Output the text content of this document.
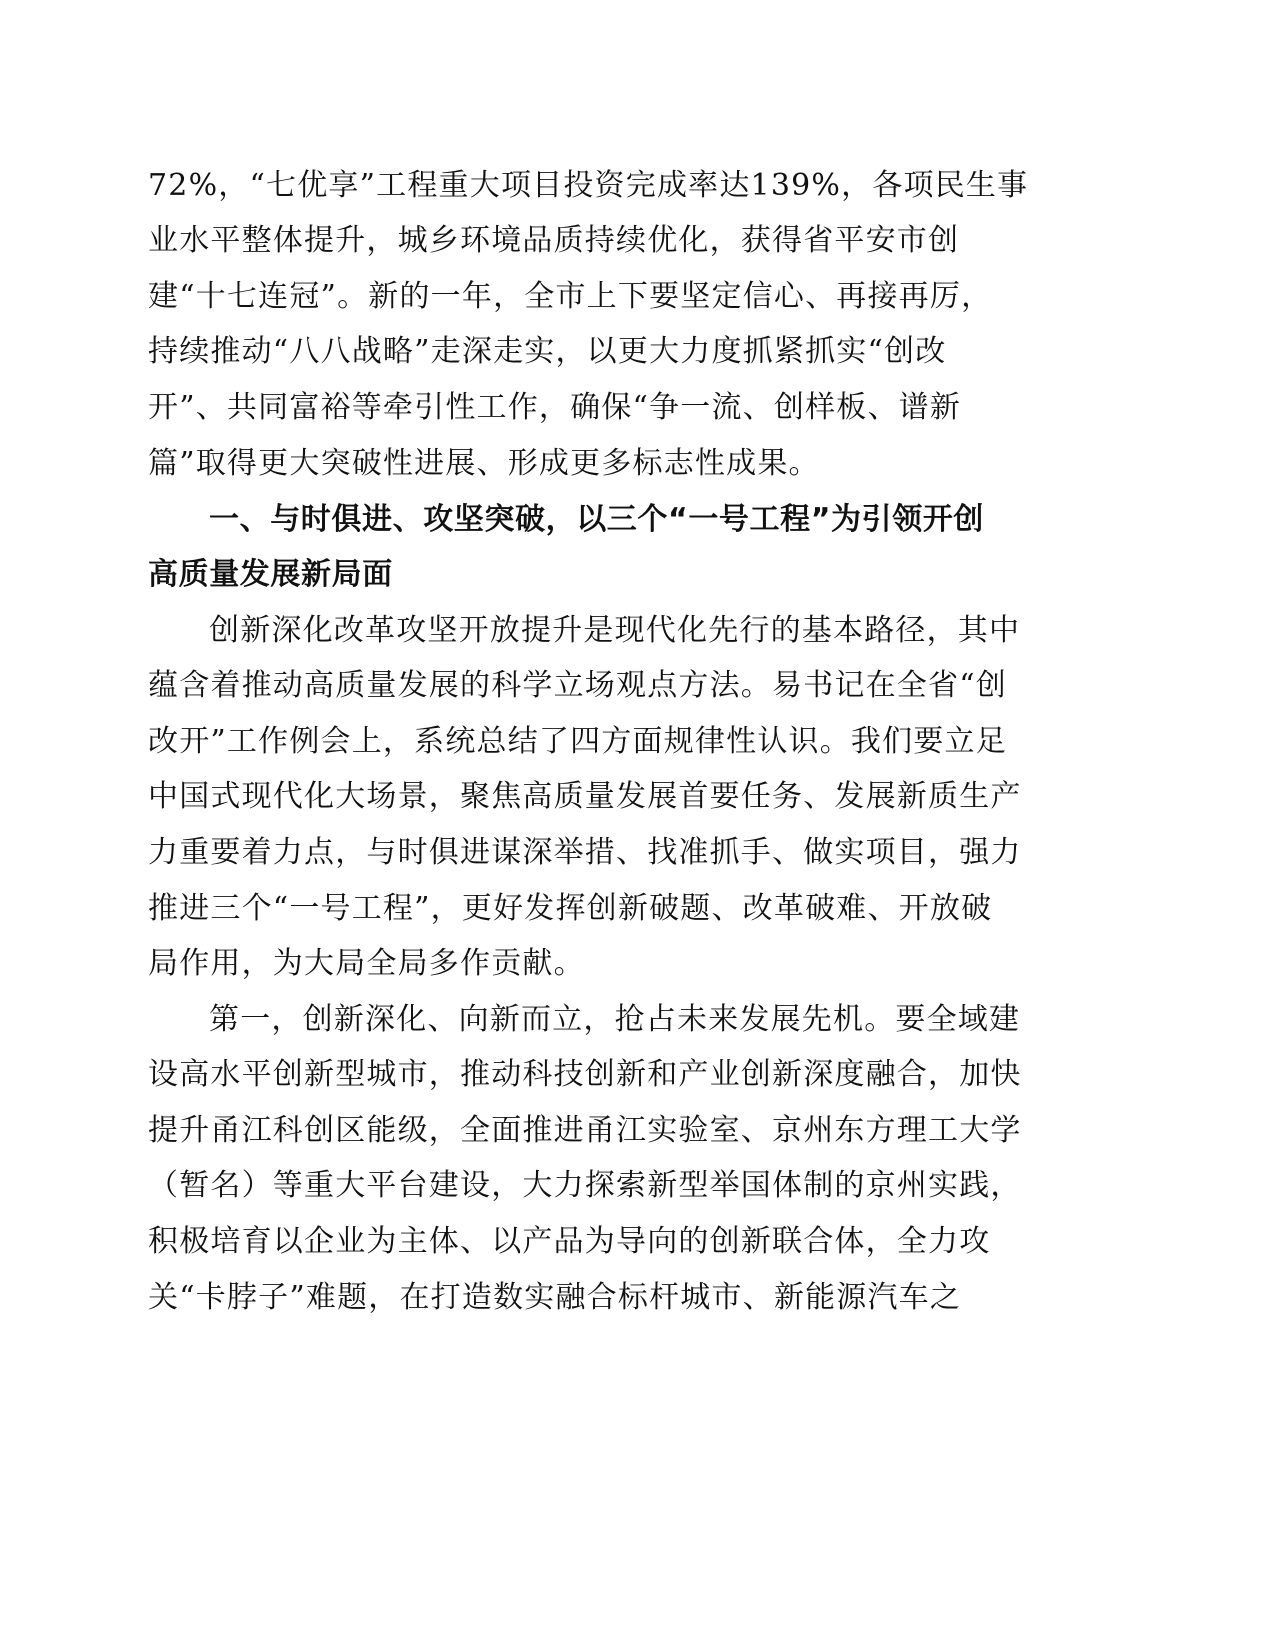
72%，“七优享”工程重大项目投资完成率达139%，各项民生事
业水平整体提升，城乡环境品质持续优化，获得省平安市创
建“十七连冠”。新的一年，全市上下要坚定信心、再接再厉，
持续推动“八八战略”走深走实，以更大力度抓紧抓实“创改
开”、共同富裕等牵引性工作，确保“争一流、创样板、谱新
篇”取得更大突破性进展、形成更多标志性成果。
一、与时俱进、攻坚突破，以三个“一号工程”为引领开创
高质量发展新局面
创新深化改革攻坚开放提升是现代化先行的基本路径，其中
蕴含着推动高质量发展的科学立场观点方法。易书记在全省“创
改开”工作例会上，系统总结了四方面规律性认识。我们要立足
中国式现代化大场景，聚焦高质量发展首要任务、发展新质生产
力重要着力点，与时俱进谋深举措、找准抓手、做实项目，强力
推进三个“一号工程”，更好发挥创新破题、改革破难、开放破
局作用，为大局全局多作贡献。
第一，创新深化、向新而立，抢占未来发展先机。要全域建
设高水平创新型城市，推动科技创新和产业创新深度融合，加快
提升甬江科创区能级，全面推进甬江实验室、京州东方理工大学
（暂名）等重大平台建设，大力探索新型举国体制的京州实践，
积极培育以企业为主体、以产品为导向的创新联合体，全力攻
关“卡脖子”难题，在打造数实融合标杆城市、新能源汽车之
